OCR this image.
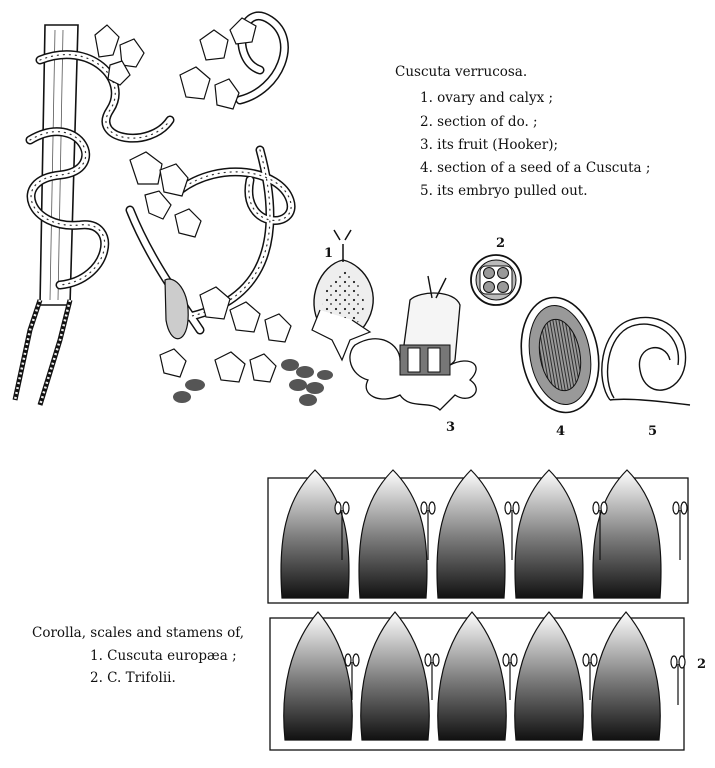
Cuscuta verrucosa.
1. ovary and calyx ;
2. section of do. ;
3. its fruit (Hooker);
4. section of a seed of a Cuscuta ;
5. its embryo pulled out.
1
2
3	4	5
2
Corolla, scales and stamens of,
1. Cuscuta europæa ;
2. C. Trifolii.
